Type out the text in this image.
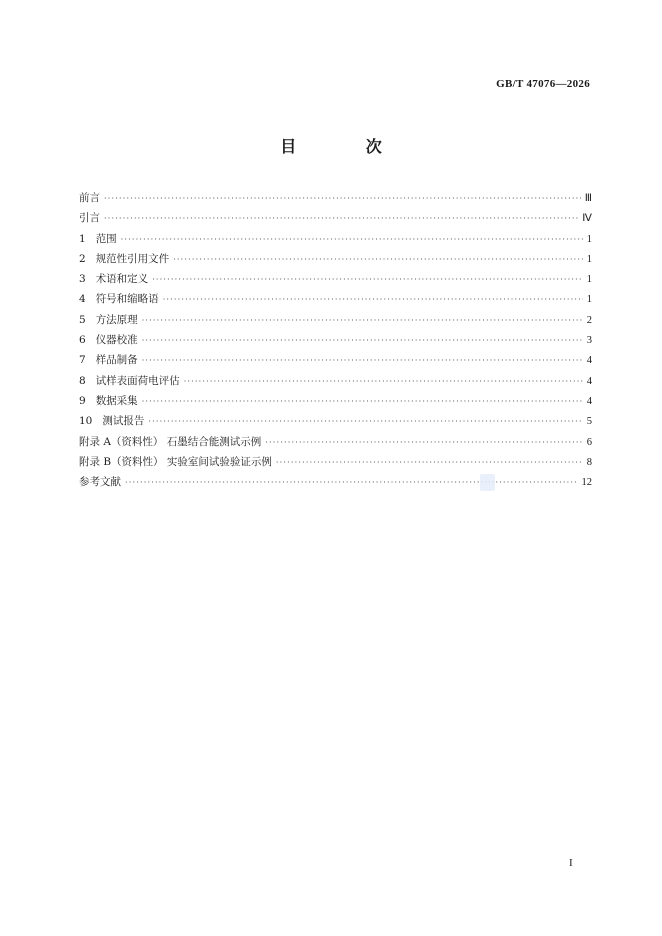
GB/T 47076—2026
目 次
前言 ·····	Ⅲ
引言 ·····	Ⅳ
1 范围 ·····	1
2 规范性引用文件 ·····	1
3 术语和定义 ·····	1
4 符号和缩略语 ·····	1
5 方法原理 ·····	2
6 仪器校准 ·····	3
7 样品制备 ·····	4
8 试样表面荷电评估 ·····	4
9 数据采集 ·····	4
10 测试报告 ·····	5
附录 A（资料性） 石墨结合能测试示例 ·····	6
附录 B（资料性） 实验室间试验验证示例 ·····	8
参考文献 ·····	12
I
